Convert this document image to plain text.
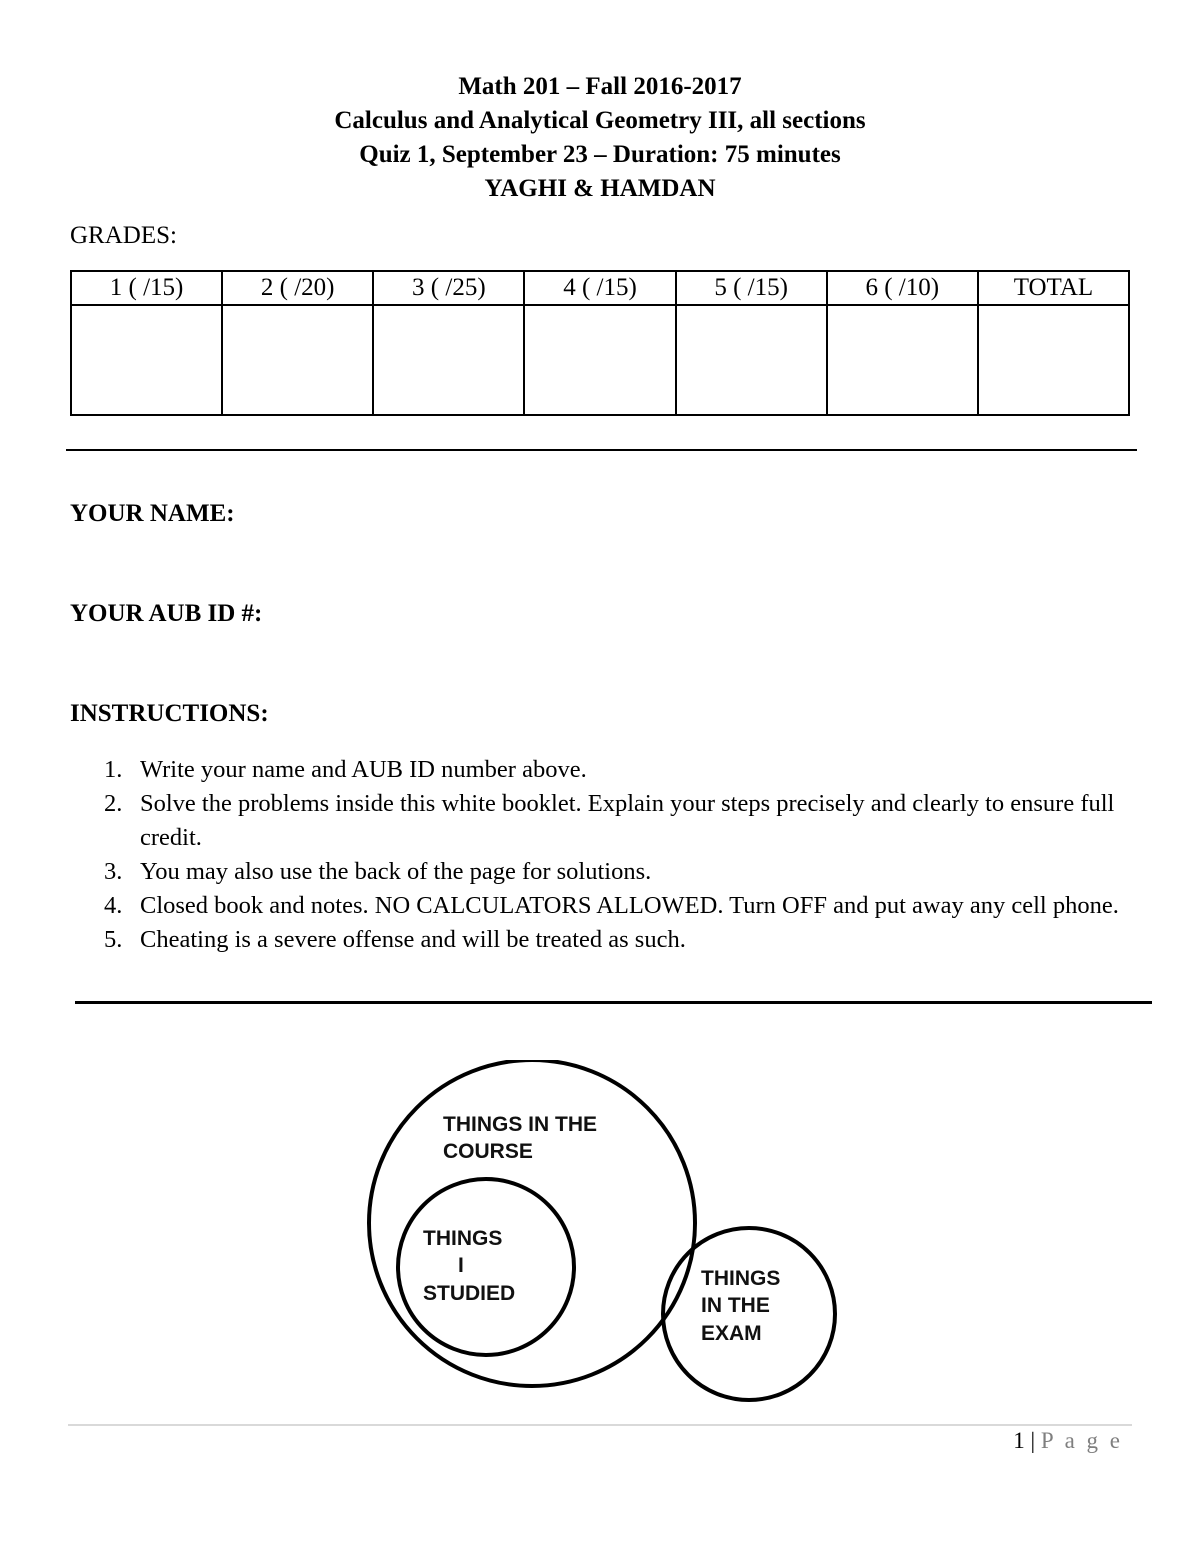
Math 201 – Fall 2016-2017
Calculus and Analytical Geometry III, all sections
Quiz 1, September 23 – Duration: 75 minutes
YAGHI & HAMDAN
GRADES:
1 ( /15)	2 ( /20)	3 ( /25)	4 ( /15)	5 ( /15)	6 ( /10)	TOTAL

YOUR NAME:
YOUR AUB ID #:
INSTRUCTIONS:
1. Write your name and AUB ID number above.
2. Solve the problems inside this white booklet. Explain your steps precisely and clearly to ensure full credit.
3. You may also use the back of the page for solutions.
4. Closed book and notes. NO CALCULATORS ALLOWED. Turn OFF and put away any cell phone.
5. Cheating is a severe offense and will be treated as such.
THINGS IN THE
COURSE
THINGS
I
STUDIED
THINGS
IN THE
EXAM
1 | P a g e
